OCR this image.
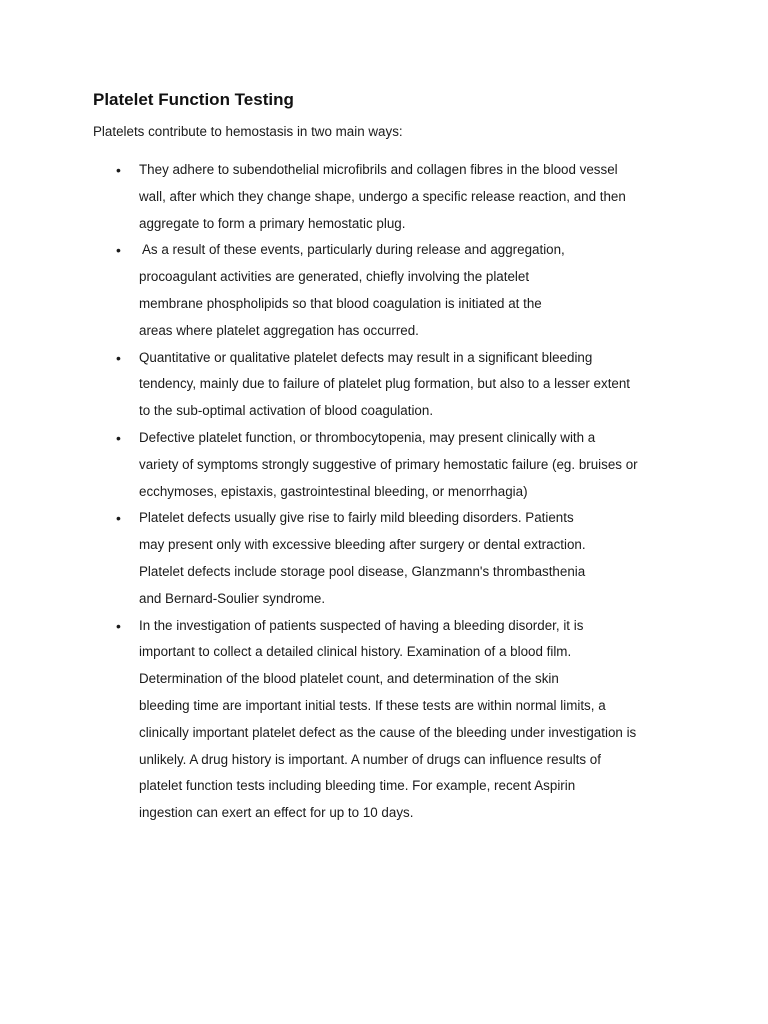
Platelet Function Testing

Platelets contribute to hemostasis in two main ways:

• They adhere to subendothelial microfibrils and collagen fibres in the blood vessel
wall, after which they change shape, undergo a specific release reaction, and then
aggregate to form a primary hemostatic plug.
•  As a result of these events, particularly during release and aggregation,
procoagulant activities are generated, chiefly involving the platelet
membrane phospholipids so that blood coagulation is initiated at the
areas where platelet aggregation has occurred.
• Quantitative or qualitative platelet defects may result in a significant bleeding
tendency, mainly due to failure of platelet plug formation, but also to a lesser extent
to the sub-optimal activation of blood coagulation.
• Defective platelet function, or thrombocytopenia, may present clinically with a
variety of symptoms strongly suggestive of primary hemostatic failure (eg. bruises or
ecchymoses, epistaxis, gastrointestinal bleeding, or menorrhagia)
• Platelet defects usually give rise to fairly mild bleeding disorders. Patients
may present only with excessive bleeding after surgery or dental extraction.
Platelet defects include storage pool disease, Glanzmann's thrombasthenia
and Bernard-Soulier syndrome.
• In the investigation of patients suspected of having a bleeding disorder, it is
important to collect a detailed clinical history. Examination of a blood film.
Determination of the blood platelet count, and determination of the skin
bleeding time are important initial tests. If these tests are within normal limits, a
clinically important platelet defect as the cause of the bleeding under investigation is
unlikely. A drug history is important. A number of drugs can influence results of
platelet function tests including bleeding time. For example, recent Aspirin
ingestion can exert an effect for up to 10 days.
